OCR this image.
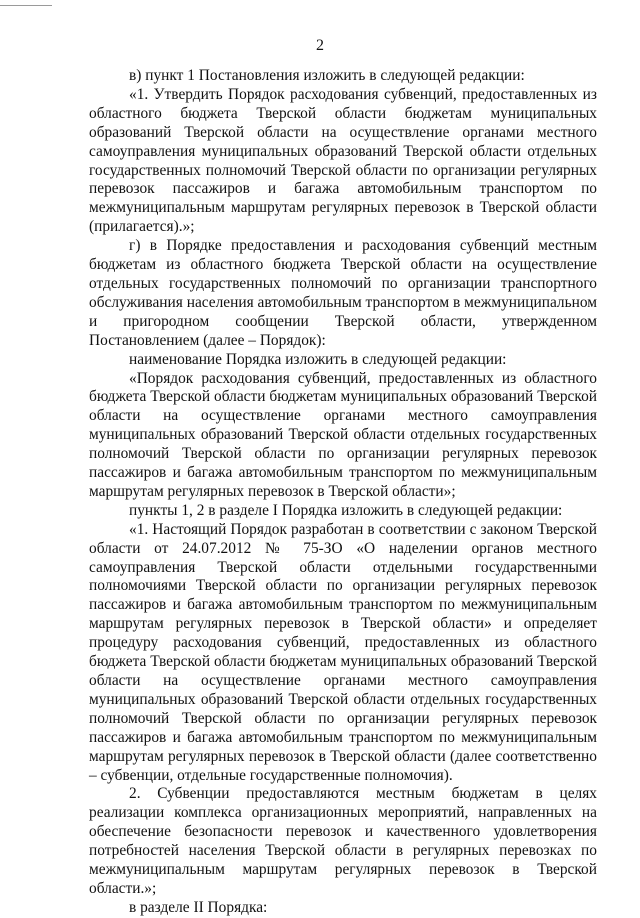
2

в) пункт 1 Постановления изложить в следующей редакции:

«1. Утвердить Порядок расходования субвенций, предоставленных из областного бюджета Тверской области бюджетам муниципальных образований Тверской области на осуществление органами местного самоуправления муниципальных образований Тверской области отдельных государственных полномочий Тверской области по организации регулярных перевозок пассажиров и багажа автомобильным транспортом по межмуниципальным маршрутам регулярных перевозок в Тверской области (прилагается).»;

г) в Порядке предоставления и расходования субвенций местным бюджетам из областного бюджета Тверской области на осуществление отдельных государственных полномочий по организации транспортного обслуживания населения автомобильным транспортом в межмуниципальном и пригородном сообщении Тверской области, утвержденном Постановлением (далее – Порядок):

наименование Порядка изложить в следующей редакции:

«Порядок расходования субвенций, предоставленных из областного бюджета Тверской области бюджетам муниципальных образований Тверской области на осуществление органами местного самоуправления муниципальных образований Тверской области отдельных государственных полномочий Тверской области по организации регулярных перевозок пассажиров и багажа автомобильным транспортом по межмуниципальным маршрутам регулярных перевозок в Тверской области»;

пункты 1, 2 в разделе I Порядка изложить в следующей редакции:

«1. Настоящий Порядок разработан в соответствии с законом Тверской области от 24.07.2012 № 75-ЗО «О наделении органов местного самоуправления Тверской области отдельными государственными полномочиями Тверской области по организации регулярных перевозок пассажиров и багажа автомобильным транспортом по межмуниципальным маршрутам регулярных перевозок в Тверской области» и определяет процедуру расходования субвенций, предоставленных из областного бюджета Тверской области бюджетам муниципальных образований Тверской области на осуществление органами местного самоуправления муниципальных образований Тверской области отдельных государственных полномочий Тверской области по организации регулярных перевозок пассажиров и багажа автомобильным транспортом по межмуниципальным маршрутам регулярных перевозок в Тверской области (далее соответственно – субвенции, отдельные государственные полномочия).

2. Субвенции предоставляются местным бюджетам в целях реализации комплекса организационных мероприятий, направленных на обеспечение безопасности перевозок и качественного удовлетворения потребностей населения Тверской области в регулярных перевозках по межмуниципальным маршрутам регулярных перевозок в Тверской области.»;

в разделе II Порядка:
